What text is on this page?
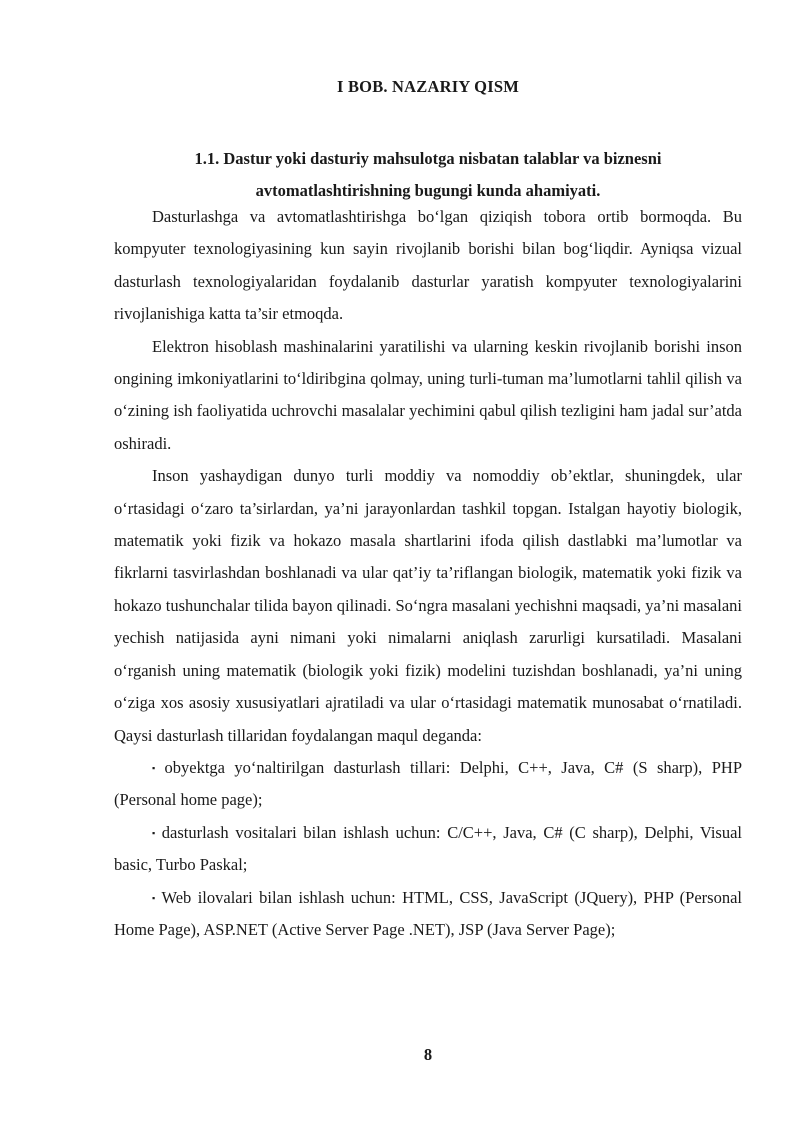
I BOB. NAZARIY QISM
1.1. Dastur yoki dasturiy mahsulotga nisbatan talablar va biznesni
avtomatlashtirishning bugungi kunda ahamiyati.

Dasturlashga va avtomatlashtirishga bo‘lgan qiziqish tobora ortib bormoqda. Bu kompyuter texnologiyasining kun sayin rivojlanib borishi bilan bog‘liqdir. Ayniqsa vizual dasturlash texnologiyalaridan foydalanib dasturlar yaratish kompyuter texnologiyalarini rivojlanishiga katta ta’sir etmoqda.

Elektron hisoblash mashinalarini yaratilishi va ularning keskin rivojlanib borishi inson ongining imkoniyatlarini to‘ldiribgina qolmay, uning turli-tuman ma’lumotlarni tahlil qilish va o‘zining ish faoliyatida uchrovchi masalalar yechimini qabul qilish tezligini ham jadal sur’atda oshiradi.

Inson yashaydigan dunyo turli moddiy va nomoddiy ob’ektlar, shuningdek, ular o‘rtasidagi o‘zaro ta’sirlardan, ya’ni jarayonlardan tashkil topgan. Istalgan hayotiy biologik, matematik yoki fizik va hokazo masala shartlarini ifoda qilish dastlabki ma’lumotlar va fikrlarni tasvirlashdan boshlanadi va ular qat’iy ta’riflangan biologik, matematik yoki fizik va hokazo tushunchalar tilida bayon qilinadi. So‘ngra masalani yechishni maqsadi, ya’ni masalani yechish natijasida ayni nimani yoki nimalarni aniqlash zarurligi kursatiladi. Masalani o‘rganish uning matematik (biologik yoki fizik) modelini tuzishdan boshlanadi, ya’ni uning o‘ziga xos asosiy xususiyatlari ajratiladi va ular o‘rtasidagi matematik munosabat o‘rnatiladi. Qaysi dasturlash tillaridan foydalangan maqul deganda:

▪ obyektga yo‘naltirilgan dasturlash tillari: Delphi, C++, Java, C# (S sharp), PHP (Personal home page);

▪ dasturlash vositalari bilan ishlash uchun: C/C++, Java, C# (C sharp), Delphi, Visual basic, Turbo Paskal;

▪ Web ilovalari bilan ishlash uchun: HTML, CSS, JavaScript (JQuery), PHP (Personal Home Page), ASP.NET (Active Server Page .NET), JSP (Java Server Page);

8
